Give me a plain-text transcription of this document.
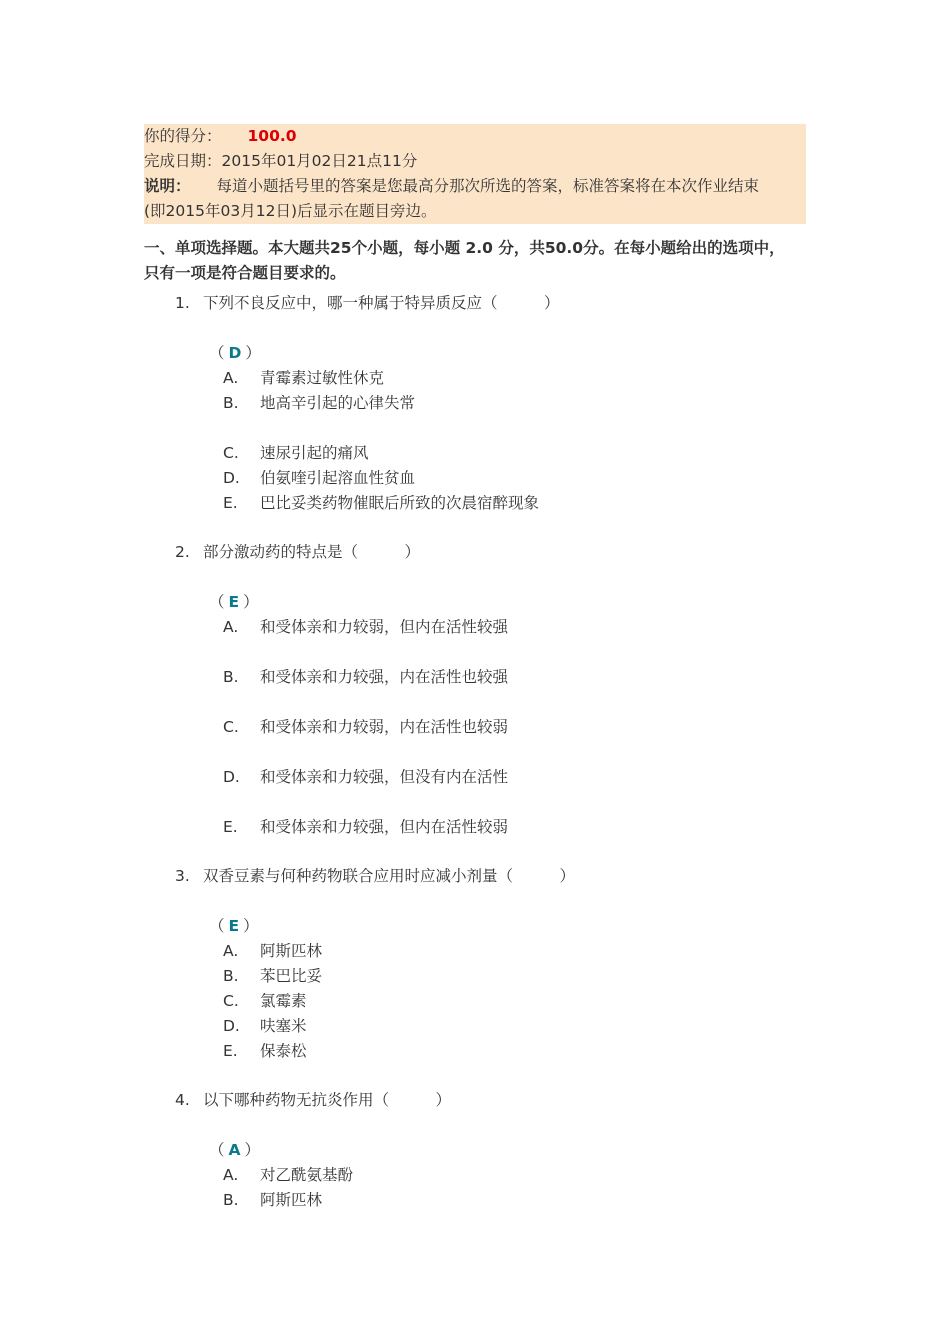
你的得分： 100.0
完成日期：2015年01月02日21点11分
说明： 每道小题括号里的答案是您最高分那次所选的答案，标准答案将在本次作业结束
(即2015年03月12日)后显示在题目旁边。
一、单项选择题。本大题共25个小题，每小题 2.0 分，共50.0分。在每小题给出的选项中，
只有一项是符合题目要求的。
1. 下列不良反应中，哪一种属于特异质反应（　　　）
（ D ）
A. 青霉素过敏性休克
B. 地高辛引起的心律失常
C. 速尿引起的痛风
D. 伯氨喹引起溶血性贫血
E. 巴比妥类药物催眠后所致的次晨宿醉现象
2. 部分激动药的特点是（　　　）
（ E ）
A. 和受体亲和力较弱，但内在活性较强
B. 和受体亲和力较强，内在活性也较强
C. 和受体亲和力较弱，内在活性也较弱
D. 和受体亲和力较强，但没有内在活性
E. 和受体亲和力较强，但内在活性较弱
3. 双香豆素与何种药物联合应用时应减小剂量（　　　）
（ E ）
A. 阿斯匹林
B. 苯巴比妥
C. 氯霉素
D. 呋塞米
E. 保泰松
4. 以下哪种药物无抗炎作用（　　　）
（ A ）
A. 对乙酰氨基酚
B. 阿斯匹林
